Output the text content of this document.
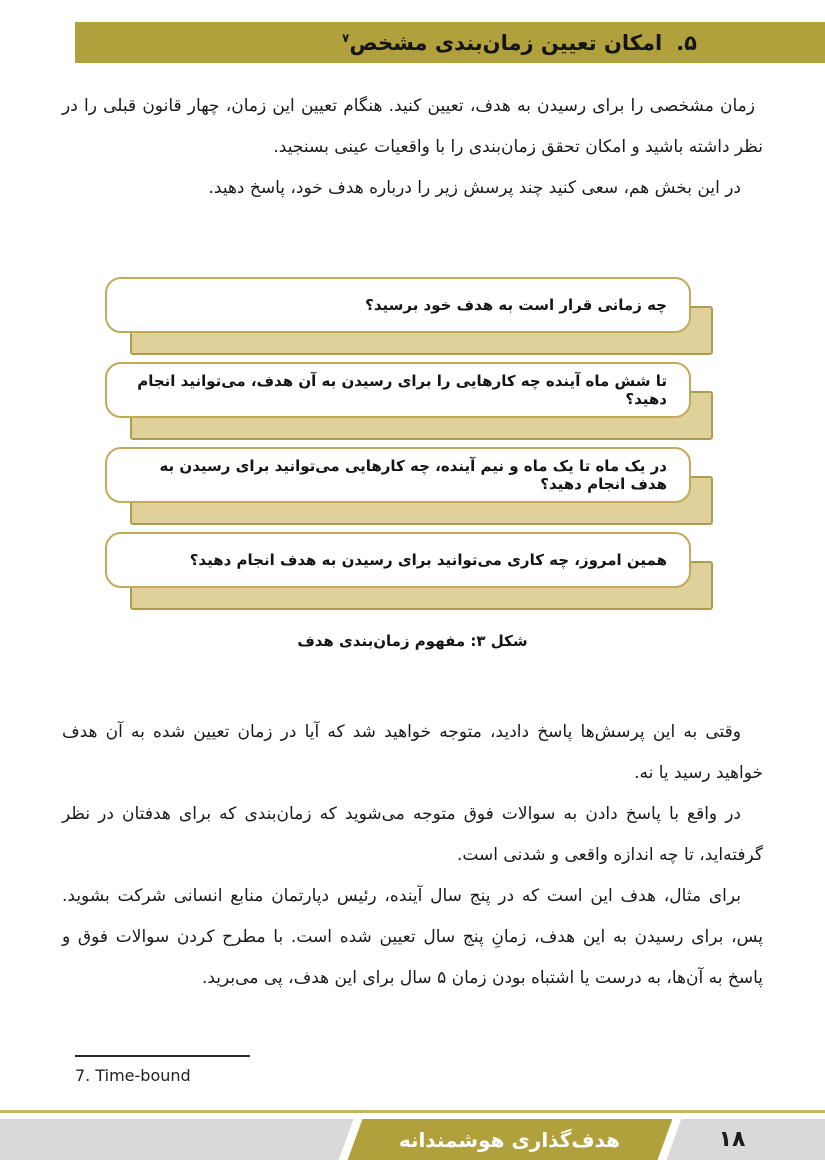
۵.
امکان تعیین زمان‌بندی مشخص$^۷$

زمان مشخصی را برای رسیدن به هدف، تعیین کنید. هنگام تعیین این زمان، چهار قانون قبلی را در نظر داشته باشید و امکان تحقق زمان‌بندی را با واقعیات عینی بسنجید.

در این بخش هم، سعی کنید چند پرسش زیر را درباره هدف خود، پاسخ دهید.

چه زمانی قرار است به هدف خود برسید؟
تا شش ماه آینده چه کارهایی را برای رسیدن به آن هدف، می‌توانید انجام دهید؟
در یک ماه تا یک ماه و نیم آینده، چه کارهایی می‌توانید برای رسیدن به هدف انجام دهید؟
همین امروز، چه کاری می‌توانید برای رسیدن به هدف انجام دهید؟
شکل ۳: مفهوم زمان‌بندی هدف

وقتی به این پرسش‌ها پاسخ دادید، متوجه خواهید شد که آیا در زمان تعیین شده به آن هدف خواهید رسید یا نه.

در واقع با پاسخ دادن به سوالات فوق متوجه می‌شوید که زمان‌بندی که برای هدفتان در نظر گرفته‌اید، تا چه اندازه واقعی و شدنی است.

برای مثال، هدف این است که در پنج سال آینده، رئیس دپارتمان منابع انسانی شرکت بشوید. پس، برای رسیدن به این هدف، زمانِ پنج سال تعیین شده است. با مطرح کردن سوالات فوق و پاسخ به آن‌ها، به درست یا اشتباه بودن زمان ۵ سال برای این هدف، پی می‌برید.

7. Time-bound
هدف‌گذاری هوشمندانه	۱۸
